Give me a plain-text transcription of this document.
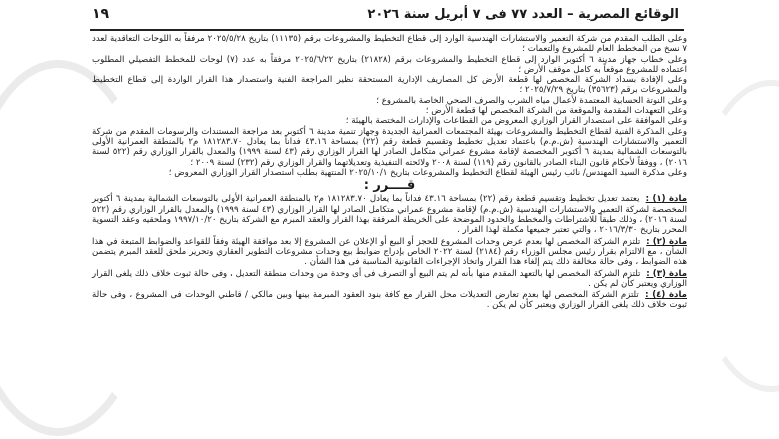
الوقائع المصرية – العدد ٧٧ فى ٧ أبريل سنة ٢٠٢٦
١٩

وعلى الطلب المقدم من شركة التعمير والاستشارات الهندسية الوارد إلى قطاع التخطيط والمشروعات برقم (١١١٣٥) بتاريخ ٢٠٢٥/٥/٢٨ مرفقاً به اللوحات التعاقدية لعدد ٧ نسخ من المخطط العام للمشروع والتعمات ؛

وعلى خطاب جهاز مدينة ٦ أكتوبر الوارد إلى قطاع التخطيط والمشروعات برقم (٢١٨٢٨) بتاريخ ٢٠٢٥/٦/٢٢ مرفقاً به عدد (٧) لوحات للمخطط التفصيلي المطلوب اعتماده للمشروع موقعاً به كامل موقف الأرض ؛

وعلى الإفادة بسداد الشركة المخصص لها قطعة الأرض كل المصاريف الإدارية المستحقة نظير المراجعة الفنية واستصدار هذا القرار الواردة إلى قطاع التخطيط والمشروعات برقم (٣٥٦٢٣) بتاريخ ٢٠٢٥/٧/٢٩ ؛

وعلى النوتة الحسابية المعتمدة لأعمال مياه الشرب والصرف الصحي الخاصة بالمشروع ؛

وعلى التعهدات المقدمة والموقعة من الشركة المخصص لها قطعة الأرض ؛

وعلى الموافقة على استصدار القرار الوزاري المعروض من القطاعات والإدارات المختصة بالهيئة ؛

وعلى المذكرة الفنية لقطاع التخطيط والمشروعات بهيئة المجتمعات العمرانية الجديدة وجهاز تنمية مدينة ٦ أكتوبر بعد مراجعة المستندات والرسومات المقدم من شركة التعمير والاستشارات الهندسية (ش.م.م) باعتماد تعديل تخطيط وتقسيم قطعة رقم (٢٢) بمساحة ٤٣.١٦ فداناً بما يعادل ١٨١٢٨٣.٧٠ م٢ بالمنطقة العمرانية الأولى بالتوسعات الشمالية بمدينة ٦ أكتوبر المخصصة لإقامة مشروع عمراني متكامل الصادر لها القرار الوزاري رقم (٤٣ لسنة ١٩٩٩) والمعدل بالقرار الوزاري رقم (٥٢٢ لسنة ٢٠١٦) ، ووفقاً لأحكام قانون البناء الصادر بالقانون رقم (١١٩) لسنة ٢٠٠٨ ولائحته التنفيذية وتعديلاتهما والقرار الوزاري رقم (٢٣٢) لسنة ٢٠٠٩ ؛

وعلى مذكرة السيد المهندس/ نائب رئيس الهيئة لقطاع التخطيط والمشروعات بتاريخ ٢٠٢٥/١٠/١ المنتهية بطلب استصدار القرار الوزاري المعروض ؛

قــــرر :

مادة (١) : يعتمد تعديل تخطيط وتقسيم قطعة رقم (٢٢) بمساحة ٤٣.١٦ فداناً بما يعادل ١٨١٢٨٣.٧٠ م٢ بالمنطقة العمرانية الأولى بالتوسعات الشمالية بمدينة ٦ أكتوبر المخصصة لشركة التعمير والاستشارات الهندسية (ش.م.م) لإقامة مشروع عمراني متكامل الصادر لها القرار الوزاري (٤٣ لسنة ١٩٩٩) والمعدل بالقرار الوزاري رقم (٥٢٢ لسنة ٢٠١٦) ، وذلك طبقاً للاشتراطات والمخطط والحدود الموضحة على الخريطة المرفقة بهذا القرار والعقد المبرم مع الشركة بتاريخ ١٩٩٧/١٠/٢٠ وملحقيه وعقد التسوية المحرر بتاريخ ٢٠١٦/٣/٣٠ ، والتي تعتبر جميعها مكملة لهذا القرار .

مادة (٢) : تلتزم الشركة المخصص لها بعدم عرض وحدات المشروع للحجز أو البيع أو الإعلان عن المشروع إلا بعد موافقة الهيئة وفقاً للقواعد والضوابط المتبعة في هذا الشأن ، مع الالتزام بقرار رئيس مجلس الوزراء رقم (٢١٨٤) لسنة ٢٠٢٢ الخاص بإدراج ضوابط بيع وحدات مشروعات التطوير العقاري وتحرير ملحق للعقد المبرم يتضمن هذه الضوابط ، وفى حالة مخالفة ذلك يتم إلغاء هذا القرار واتخاذ الإجراءات القانونية المناسبة فى هذا الشأن .

مادة (٣) : تلتزم الشركة المخصص لها بالتعهد المقدم منها بأنه لم يتم البيع أو التصرف فى أى وحدة من وحدات منطقة التعديل ، وفى حالة ثبوت خلاف ذلك يلغى القرار الوزاري ويعتبر كأن لم يكن .

مادة (٤) : تلتزم الشركة المخصص لها بعدم تعارض التعديلات محل القرار مع كافة بنود العقود المبرمة بينها وبين مالكي / قاطني الوحدات فى المشروع ، وفى حالة ثبوت خلاف ذلك يلغى القرار الوزاري ويعتبر كأن لم يكن .
